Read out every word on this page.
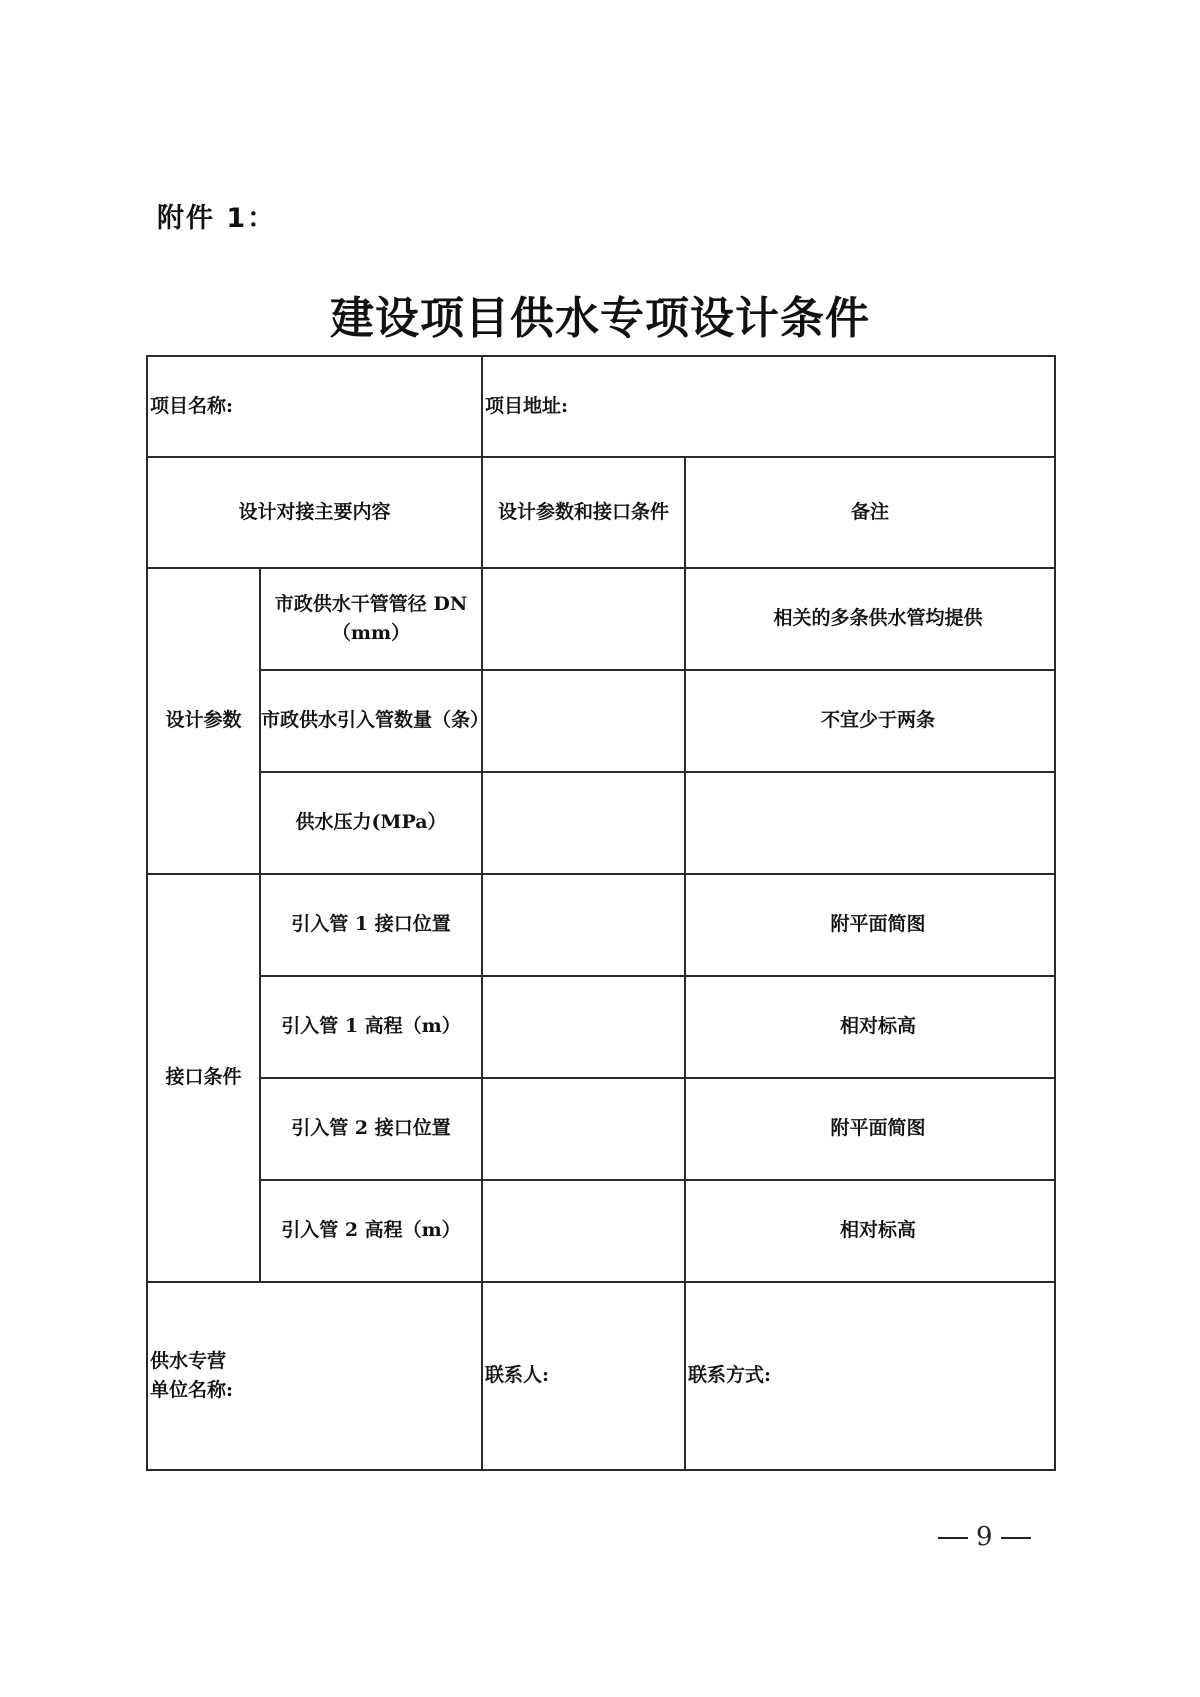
附件 1：
建设项目供水专项设计条件
项目名称:		项目地址:	
设计对接主要内容		设计参数和接口条件	备注
设计参数	市政供水干管管径 DN
（mm）		相关的多条供水管均提供

	市政供水引入管数量（条）		不宜少于两条

	供水压力(MPa）		

接口条件	引入管 1 接口位置		附平面简图

	引入管 1 高程（m）		相对标高

	引入管 2 接口位置		附平面简图

	引入管 2 高程（m）		相对标高

供水专营
单位名称:		联系人:	联系方式:
9
